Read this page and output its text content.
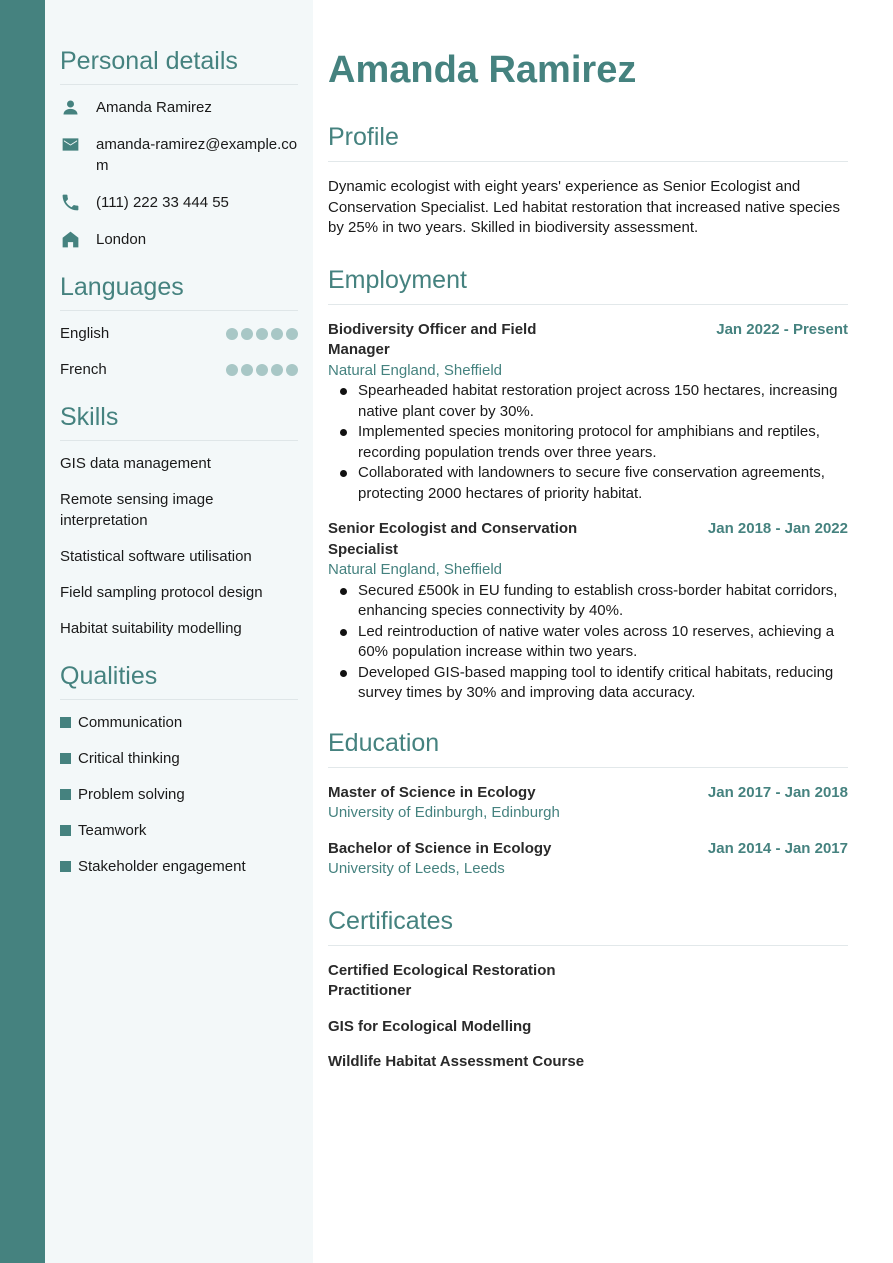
Personal details
Amanda Ramirez
amanda-ramirez@example.com
(111) 222 33 444 55
London
Languages
English
French
Skills
GIS data management
Remote sensing image interpretation
Statistical software utilisation
Field sampling protocol design
Habitat suitability modelling
Qualities
Communication
Critical thinking
Problem solving
Teamwork
Stakeholder engagement
Amanda Ramirez
Profile

Dynamic ecologist with eight years' experience as Senior Ecologist and Conservation Specialist. Led habitat restoration that increased native species by 25% in two years. Skilled in biodiversity assessment.

Employment
Biodiversity Officer and Field Manager
Jan 2022 - Present
Natural England, Sheffield
Spearheaded habitat restoration project across 150 hectares, increasing native plant cover by 30%.
Implemented species monitoring protocol for amphibians and reptiles, recording population trends over three years.
Collaborated with landowners to secure five conservation agreements, protecting 2000 hectares of priority habitat.
Senior Ecologist and Conservation Specialist
Jan 2018 - Jan 2022
Natural England, Sheffield
Secured £500k in EU funding to establish cross-border habitat corridors, enhancing species connectivity by 40%.
Led reintroduction of native water voles across 10 reserves, achieving a 60% population increase within two years.
Developed GIS-based mapping tool to identify critical habitats, reducing survey times by 30% and improving data accuracy.
Education
Master of Science in Ecology	Jan 2017 - Jan 2018
University of Edinburgh, Edinburgh
Bachelor of Science in Ecology	Jan 2014 - Jan 2017
University of Leeds, Leeds
Certificates
Certified Ecological Restoration Practitioner
GIS for Ecological Modelling
Wildlife Habitat Assessment Course
